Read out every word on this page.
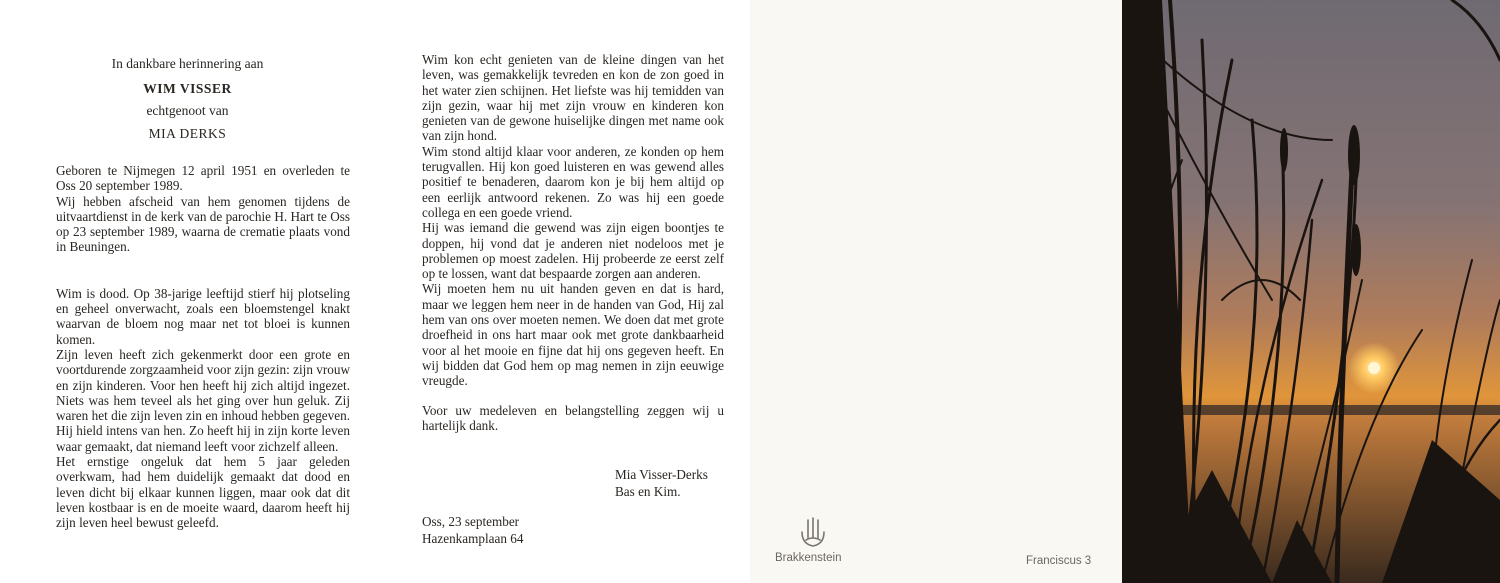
In dankbare herinnering aan
WIM VISSER
echtgenoot van
MIA DERKS

Geboren te Nijmegen 12 april 1951 en overleden te Oss 20 september 1989.

Wij hebben afscheid van hem genomen tijdens de uitvaartdienst in de kerk van de parochie H. Hart te Oss op 23 september 1989, waarna de crematie plaats vond in Beuningen.

Wim is dood. Op 38-jarige leeftijd stierf hij plotseling en geheel onverwacht, zoals een bloemstengel knakt waarvan de bloem nog maar net tot bloei is kunnen komen.

Zijn leven heeft zich gekenmerkt door een grote en voortdurende zorgzaamheid voor zijn gezin: zijn vrouw en zijn kinderen. Voor hen heeft hij zich altijd ingezet. Niets was hem teveel als het ging over hun geluk. Zij waren het die zijn leven zin en inhoud hebben gegeven. Hij hield intens van hen. Zo heeft hij in zijn korte leven waar gemaakt, dat niemand leeft voor zichzelf alleen.

Het ernstige ongeluk dat hem 5 jaar geleden overkwam, had hem duidelijk gemaakt dat dood en leven dicht bij elkaar kunnen liggen, maar ook dat dit leven kostbaar is en de moeite waard, daarom heeft hij zijn leven heel bewust geleefd.

Wim kon echt genieten van de kleine dingen van het leven, was gemakkelijk tevreden en kon de zon goed in het water zien schijnen. Het liefste was hij temidden van zijn gezin, waar hij met zijn vrouw en kinderen kon genieten van de gewone huiselijke dingen met name ook van zijn hond.

Wim stond altijd klaar voor anderen, ze konden op hem terugvallen. Hij kon goed luisteren en was gewend alles positief te benaderen, daarom kon je bij hem altijd op een eerlijk antwoord rekenen. Zo was hij een goede collega en een goede vriend.

Hij was iemand die gewend was zijn eigen boontjes te doppen, hij vond dat je anderen niet nodeloos met je problemen op moest zadelen. Hij probeerde ze eerst zelf op te lossen, want dat bespaarde zorgen aan anderen.

Wij moeten hem nu uit handen geven en dat is hard, maar we leggen hem neer in de handen van God, Hij zal hem van ons over moeten nemen. We doen dat met grote droefheid in ons hart maar ook met grote dankbaarheid voor al het mooie en fijne dat hij ons gegeven heeft. En wij bidden dat God hem op mag nemen in zijn eeuwige vreugde.

Voor uw medeleven en belangstelling zeggen wij u hartelijk dank.

Mia Visser-Derks
Bas en Kim.
Oss, 23 september
Hazenkamplaan 64
Brakkenstein	Franciscus 3
